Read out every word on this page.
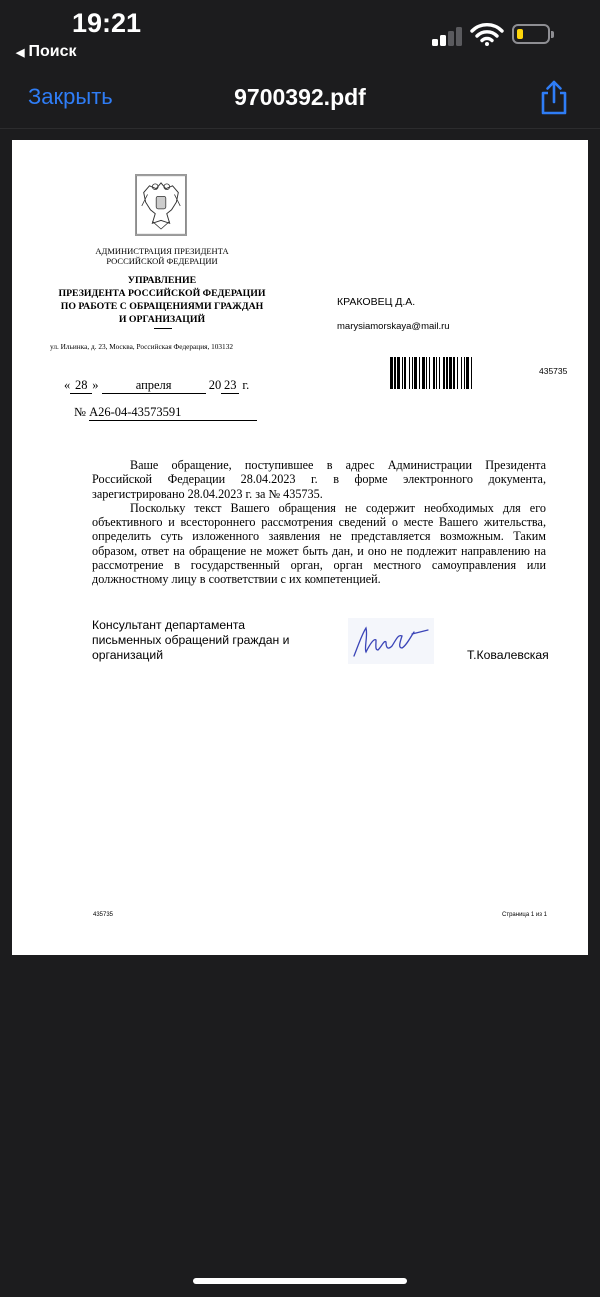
19:21
◀ Поиск
Закрыть	9700392.pdf
АДМИНИСТРАЦИЯ ПРЕЗИДЕНТА
РОССИЙСКОЙ ФЕДЕРАЦИИ
УПРАВЛЕНИЕ
ПРЕЗИДЕНТА РОССИЙСКОЙ ФЕДЕРАЦИИ
ПО РАБОТЕ С ОБРАЩЕНИЯМИ ГРАЖДАН
И ОРГАНИЗАЦИЙ
ул. Ильинка, д. 23, Москва, Российская Федерация, 103132
КРАКОВЕЦ Д.А.
marysiamorskaya@mail.ru
435735
« 28 »	апреля	20 23 г.
№ А26-04-43573591

Ваше обращение, поступившее в адрес Администрации Президента Российской Федерации 28.04.2023 г. в форме электронного документа, зарегистрировано 28.04.2023 г. за № 435735.

Поскольку текст Вашего обращения не содержит необходимых для его объективного и всестороннего рассмотрения сведений о месте Вашего жительства, определить суть изложенного заявления не представляется возможным. Таким образом, ответ на обращение не может быть дан, и оно не подлежит направлению на рассмотрение в государственный орган, орган местного самоуправления или должностному лицу в соответствии с их компетенцией.

Консультант департамента письменных обращений граждан и организаций	Т.Ковалевская
435735	Страница 1 из 1
